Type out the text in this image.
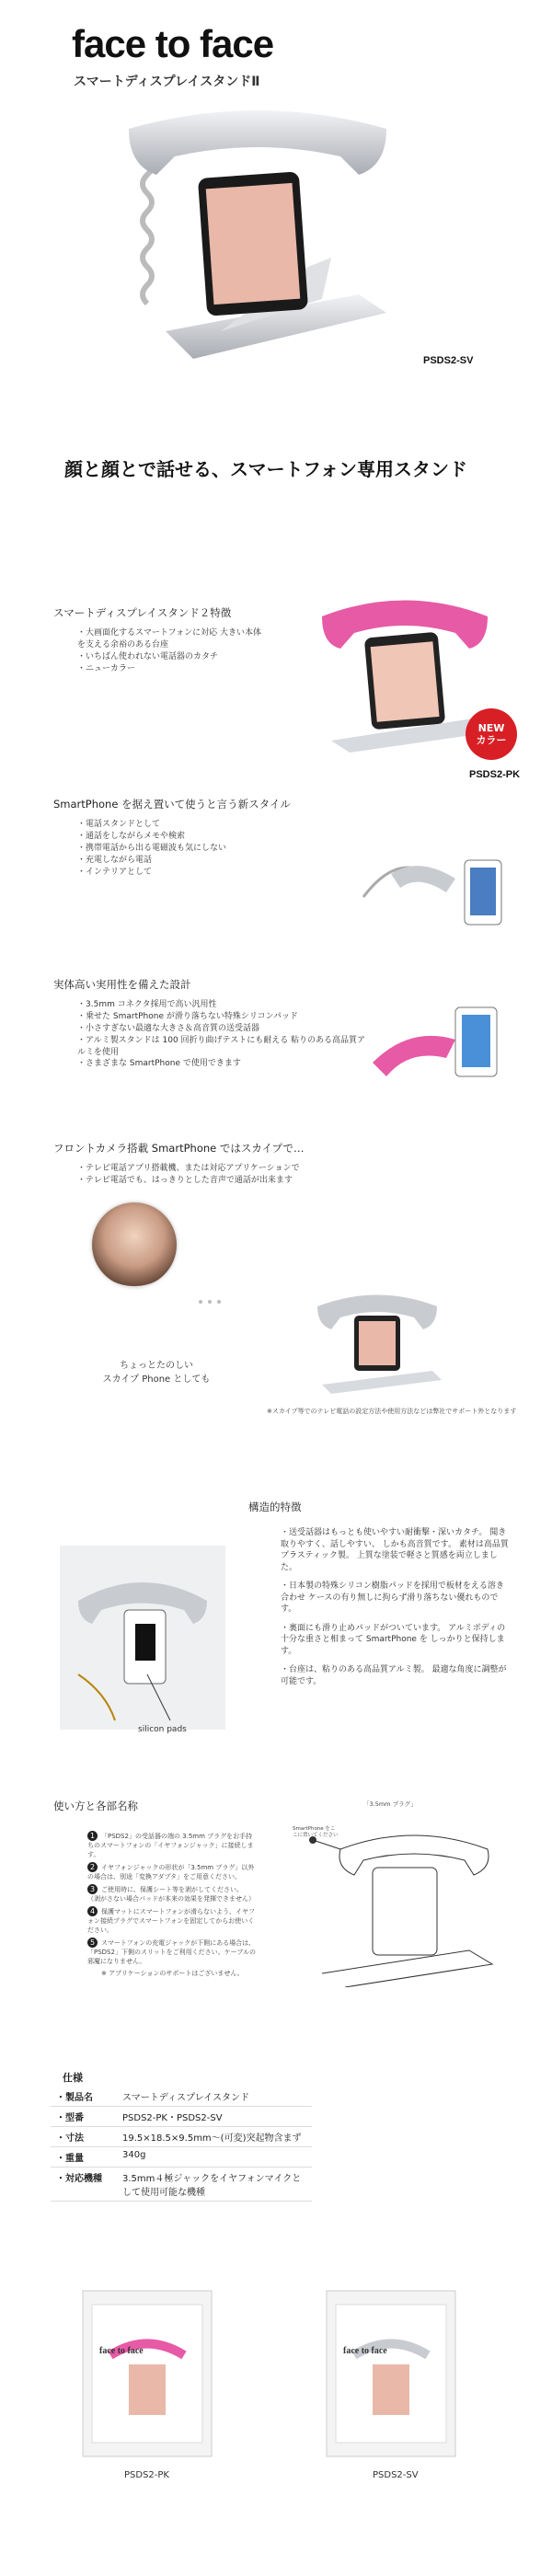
face to face
スマートディスプレイスタンドⅡ
PSDS2-SV
顔と顔とで話せる、スマートフォン専用スタンド
スマートディスプレイスタンド２特徴
・ 大画面化するスマートフォンに対応 大きい本体を支える余裕のある台座
・ いちばん使われない電話器のカタチ
・ ニューカラー
NEW
カラー
PSDS2-PK
SmartPhone を据え置いて使うと言う新スタイル
・ 電話スタンドとして
・ 通話をしながらメモや検索
・ 携帯電話から出る電磁波も気にしない
・ 充電しながら電話
・ インテリアとして
実体高い実用性を備えた設計
・ 3.5mm コネクタ採用で高い汎用性
・ 乗せた SmartPhone が滑り落ちない特殊シリコンパッド
・ 小さすぎない最適な大きさ＆高音質の送受話器
・ アルミ製スタンドは 100 回折り曲げテストにも耐える 粘りのある高品質アルミを使用
・ さまざまな SmartPhone で使用できます
フロントカメラ搭載 SmartPhone ではスカイプで…
・ テレビ電話アプリ搭載機、または対応アプリケーションで
・ テレビ電話でも、はっきりとした音声で通話が出来ます
ちょっとたのしい
スカイプ Phone としても
※スカイプ等でのテレビ電話の設定方法や使用方法などは弊社でサポート外となります
構造的特徴
silicon pads
・ 送受話器はもっとも使いやすい耐衝撃・深いカタチ。 聞き取りやすく、話しやすい、 しかも高音質です。 素材は高品質プラスティック製。 上質な塗装で軽さと質感を両立しました。
・ 日本製の特殊シリコン樹脂パッドを採用で板材をえる溶き合わせ ケースの有り無しに拘らず滑り落ちない優れものです。
・ 裏面にも滑り止めパッドがついています。 アルミボディの十分な重さと相まって SmartPhone を しっかりと保持します。
・ 台座は、粘りのある高品質アルミ製。 最適な角度に調整が可能です。
使い方と各部名称
1 「PSDS2」の受話器の端の 3.5mm プラグをお手持ちのスマートフォンの「イヤフォンジャック」に接続します。
2 イヤフォンジャックの形状が「3.5mm プラグ」以外の場合は、別途「変換アダプタ」をご用意ください。
3 ご使用時に、保護シート等を剥がしてください。 （剥がさない場合パッドが本来の効果を発揮できません）
4 保護マットにスマートフォンが滑らないよう、イヤフォン接続プラグでスマートフォンを固定してからお使いください。
5 スマートフォンの充電ジャックが下側にある場合は、「PSDS2」下側のスリットをご利用ください。ケーブルの邪魔になりません。
※ アプリケーションのサポートはございません。
「3.5mm プラグ」
SmartPhone をここに置いてください
仕様
・製品名	スマートディスプレイスタンド
・型番	PSDS2-PK・PSDS2-SV
・寸法	19.5×18.5×9.5mm〜(可変)突起物含まず
・重量	340g
・対応機種	3.5mm４極ジャックをイヤフォンマイクとして使用可能な機種
face to face	face to face
PSDS2-PK	PSDS2-SV
